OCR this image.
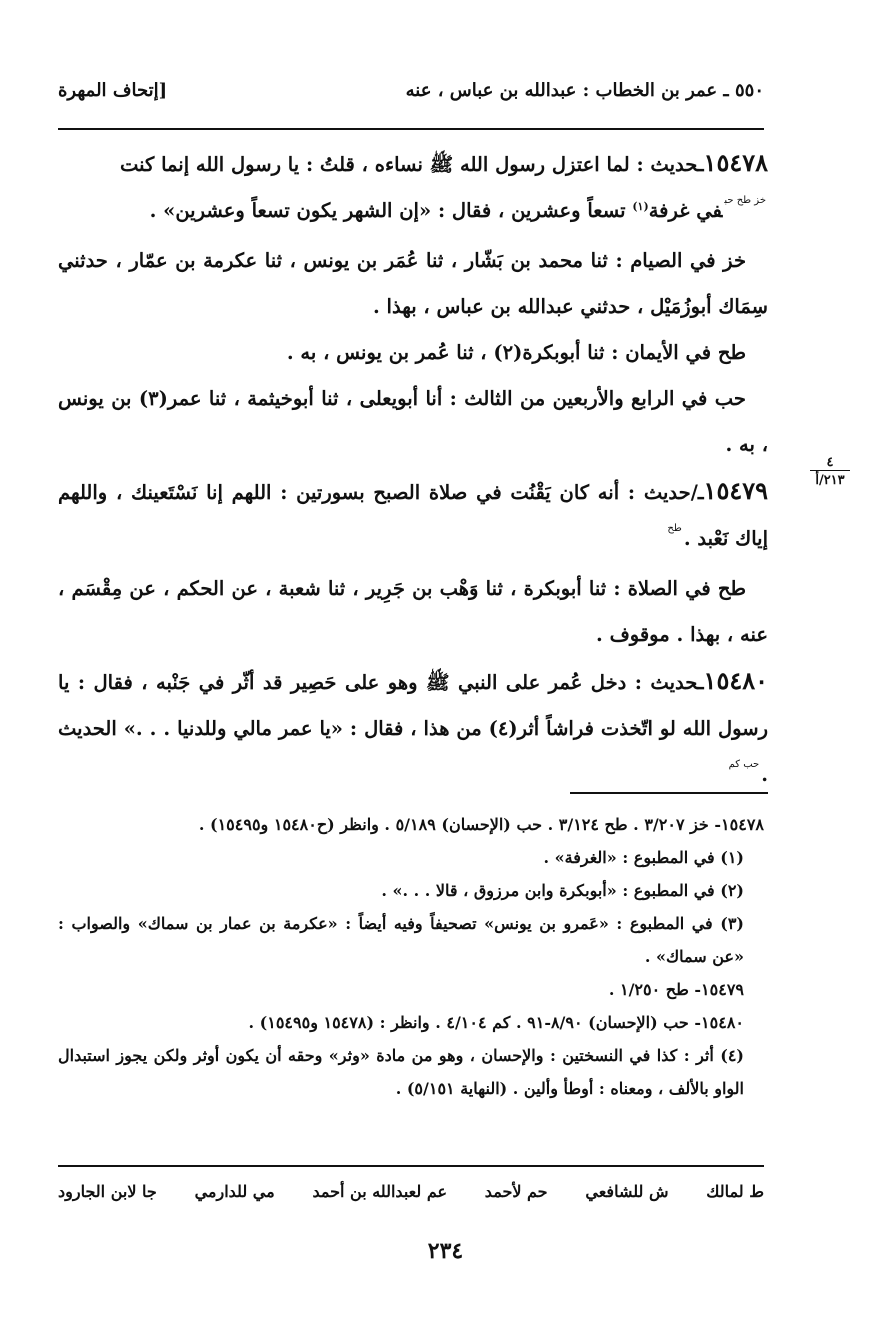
٥٥٠ ـ عمر بن الخطاب : عبدالله بن عباس ، عنه
[إتحاف المهرة
٤
٢١٣/أ

١٥٤٧٨ـحديث : لما اعتزل رسول الله ﷺ نساءه ، قلتُ : يا رسول الله إنما كنت

$^{خز طح حب}$في غرفة$^{(١)}$ تسعاً وعشرين ، فقال : «إن الشهر يكون تسعاً وعشرين» .

خز في الصيام : ثنا محمد بن بَشّار ، ثنا عُمَر بن يونس ، ثنا عكرمة بن عمّار ، حدثني سِمَاك أبوزُمَيْل ، حدثني عبدالله بن عباس ، بهذا .

طح في الأيمان : ثنا أبوبكرة(٢) ، ثنا عُمر بن يونس ، به .

حب في الرابع والأربعين من الثالث : أنا أبويعلى ، ثنا أبوخيثمة ، ثنا عمر(٣) بن يونس ، به .

١٥٤٧٩ـ/حديث : أنه كان يَقْنُت في صلاة الصبح بسورتين : اللهم إنا نَسْتَعينك ، واللهم إياك نَعْبد .$^{طح}$

طح في الصلاة : ثنا أبوبكرة ، ثنا وَهْب بن جَرِير ، ثنا شعبة ، عن الحكم ، عن مِقْسَم ، عنه ، بهذا . موقوف .

١٥٤٨٠ـحديث : دخل عُمر على النبي ﷺ وهو على حَصِير قد أثّر في جَنْبه ، فقال : يا رسول الله لو اتّخذت فراشاً أثر(٤) من هذا ، فقال : «يا عمر مالي وللدنيا . . .» الحديث .$^{حب كم}$

١٥٤٧٨- خز ٣/٢٠٧ . طح ٣/١٢٤ . حب (الإحسان) ٥/١٨٩ . وانظر (ح١٥٤٨٠ و١٥٤٩٥) .

(١) في المطبوع : «الغرفة» .

(٢) في المطبوع : «أبوبكرة وابن مرزوق ، قالا . . .» .

(٣) في المطبوع : «عَمرو بن يونس» تصحيفاً وفيه أيضاً : «عكرمة بن عمار بن سماك» والصواب : «عن سماك» .

١٥٤٧٩- طح ١/٢٥٠ .

١٥٤٨٠- حب (الإحسان) ٨/٩٠-٩١ . كم ٤/١٠٤ . وانظر : (١٥٤٧٨ و١٥٤٩٥) .

(٤) أثر : كذا في النسختين : والإحسان ، وهو من مادة «وثر» وحقه أن يكون أوثر ولكن يجوز استبدال الواو بالألف ، ومعناه : أوطأ وألين . (النهاية ٥/١٥١) .

ط لمالك
ش للشافعي
حم لأحمد
عم لعبدالله بن أحمد
مي للدارمي
جا لابن الجارود
٢٣٤
